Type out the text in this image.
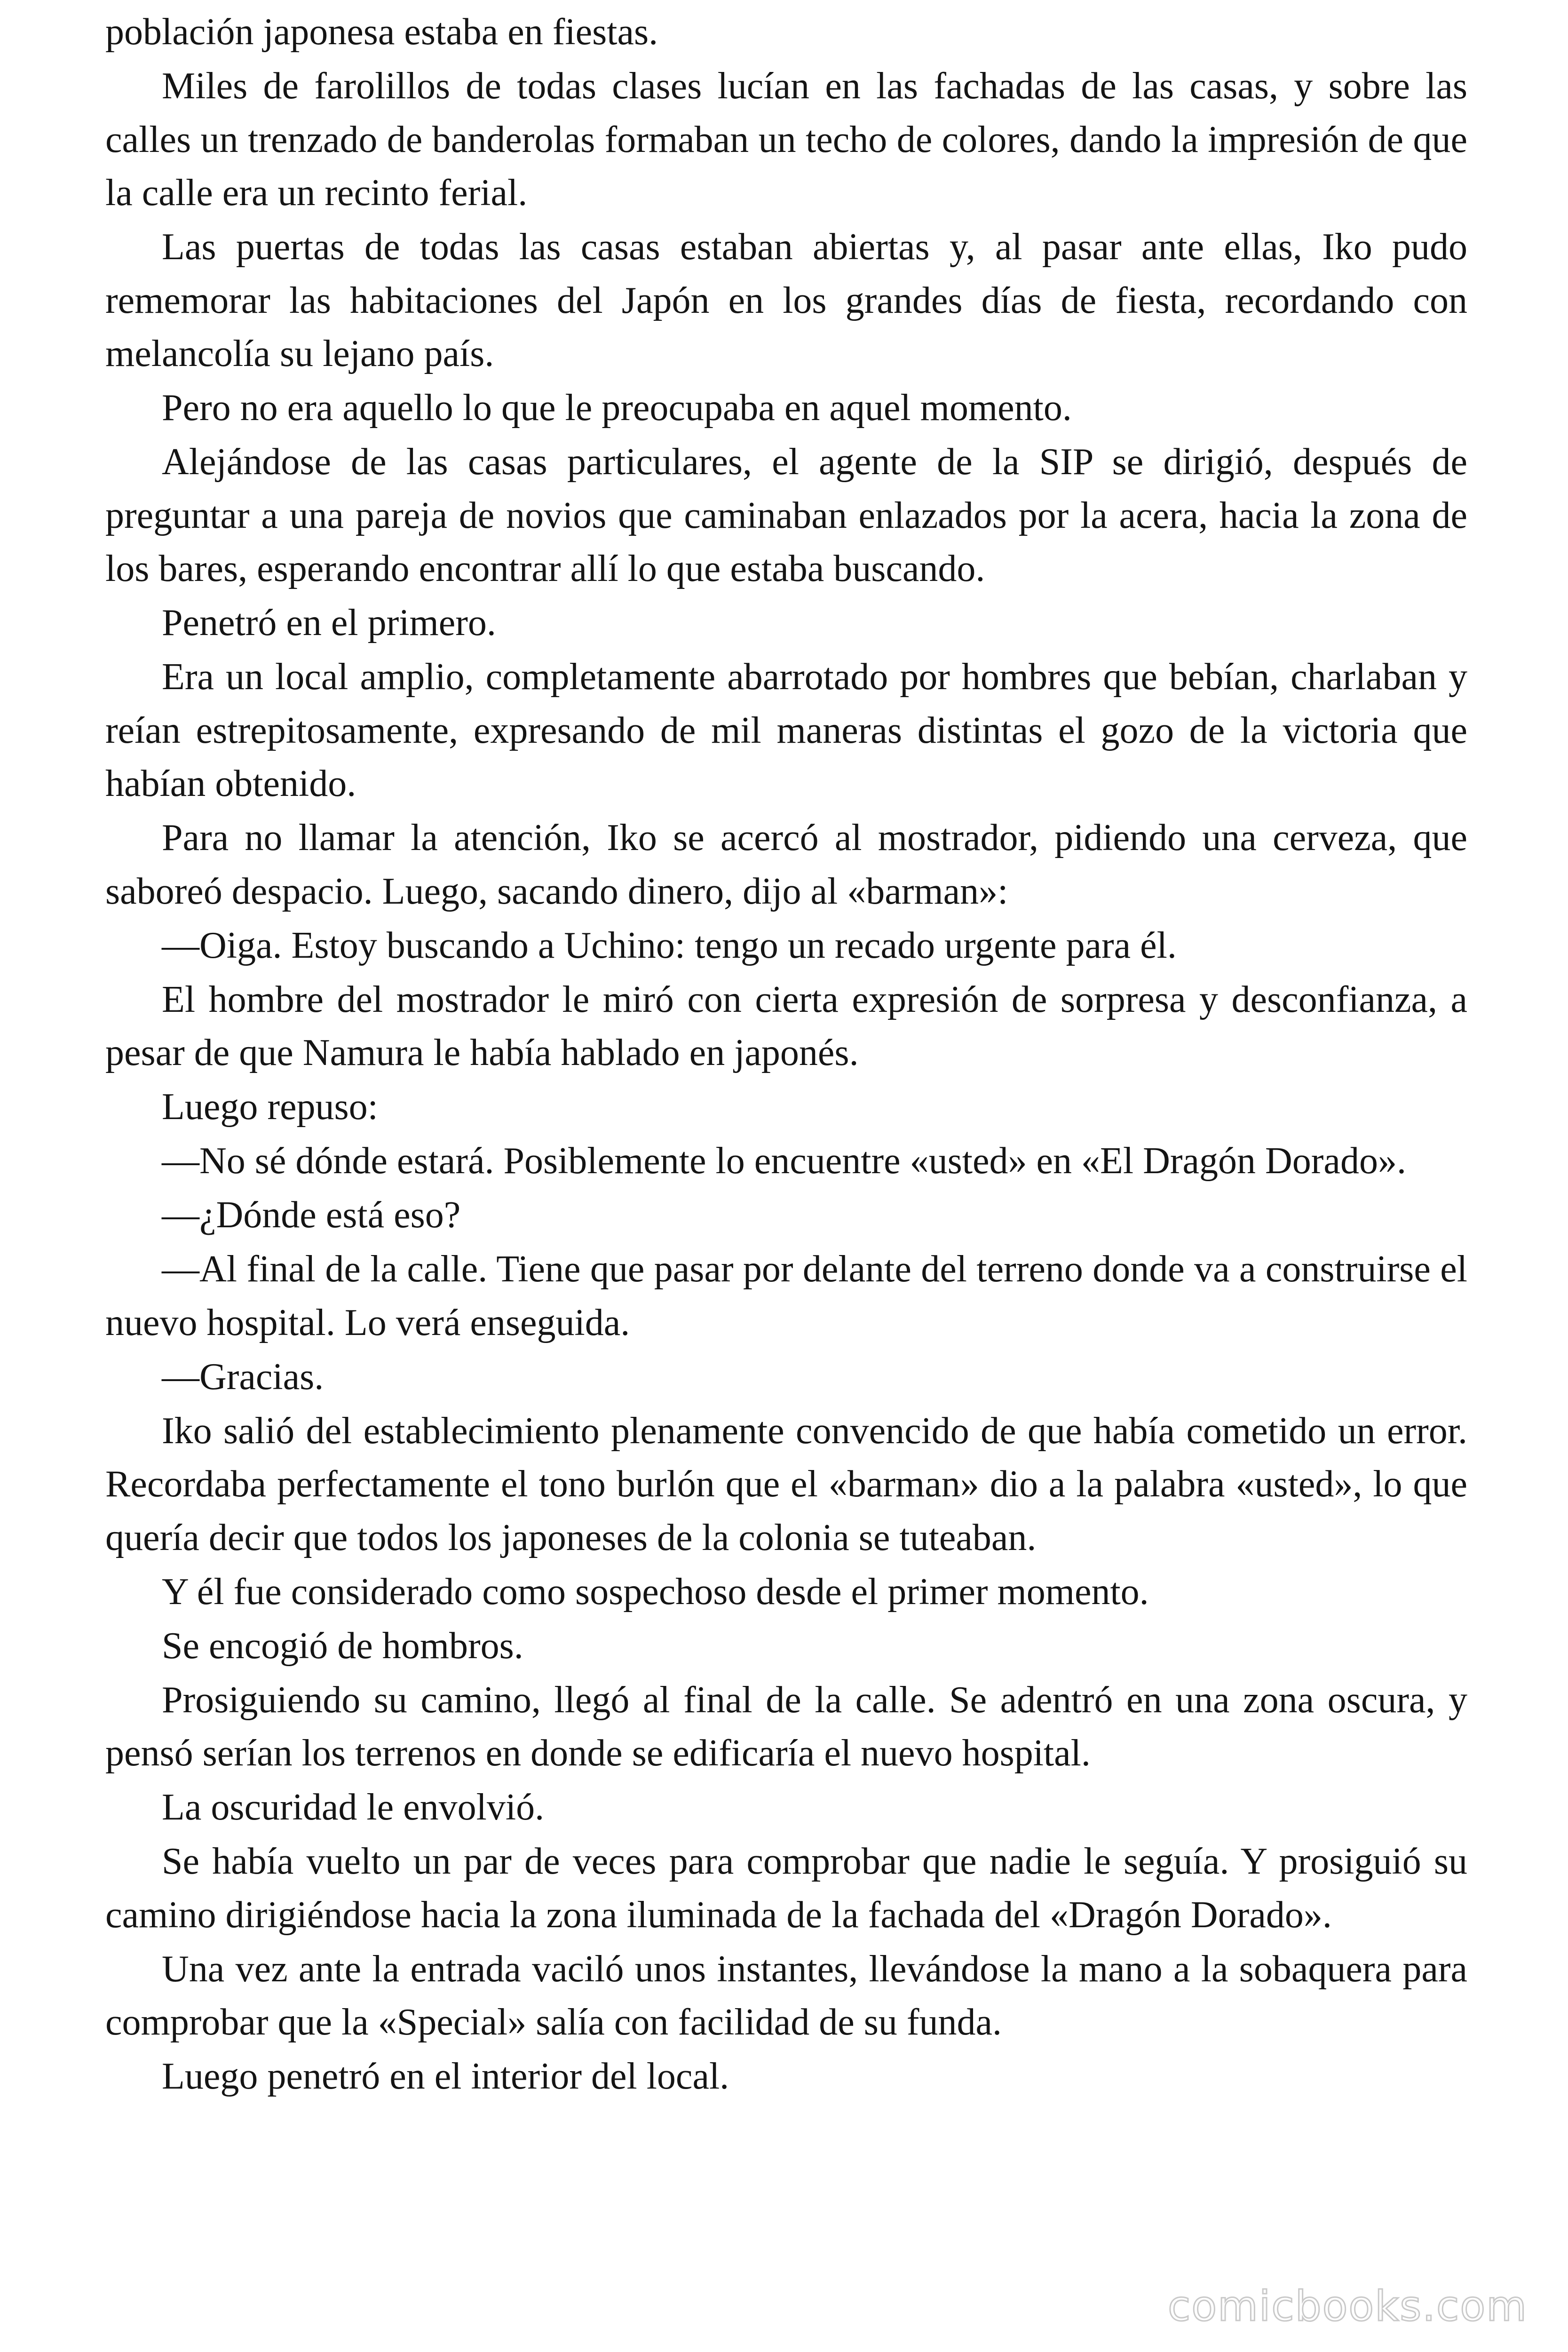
población japonesa estaba en fiestas.

Miles de farolillos de todas clases lucían en las fachadas de las casas, y sobre las calles un trenzado de banderolas formaban un techo de colores, dando la impresión de que la calle era un recinto ferial.

Las puertas de todas las casas estaban abiertas y, al pasar ante ellas, Iko pudo rememorar las habitaciones del Japón en los grandes días de fiesta, recordando con melancolía su lejano país.

Pero no era aquello lo que le preocupaba en aquel momento.

Alejándose de las casas particulares, el agente de la SIP se dirigió, después de preguntar a una pareja de novios que caminaban enlazados por la acera, hacia la zona de los bares, esperando encontrar allí lo que estaba buscando.

Penetró en el primero.

Era un local amplio, completamente abarrotado por hombres que bebían, charlaban y reían estrepitosamente, expresando de mil maneras distintas el gozo de la victoria que habían obtenido.

Para no llamar la atención, Iko se acercó al mostrador, pidiendo una cerveza, que saboreó despacio. Luego, sacando dinero, dijo al «barman»:

—Oiga. Estoy buscando a Uchino: tengo un recado urgente para él.

El hombre del mostrador le miró con cierta expresión de sorpresa y desconfianza, a pesar de que Namura le había hablado en japonés.

Luego repuso:

—No sé dónde estará. Posiblemente lo encuentre «usted» en «El Dragón Dorado».

—¿Dónde está eso?

—Al final de la calle. Tiene que pasar por delante del terreno donde va a construirse el nuevo hospital. Lo verá enseguida.

—Gracias.

Iko salió del establecimiento plenamente convencido de que había cometido un error. Recordaba perfectamente el tono burlón que el «barman» dio a la palabra «usted», lo que quería decir que todos los japoneses de la colonia se tuteaban.

Y él fue considerado como sospechoso desde el primer momento.

Se encogió de hombros.

Prosiguiendo su camino, llegó al final de la calle. Se adentró en una zona oscura, y pensó serían los terrenos en donde se edificaría el nuevo hospital.

La oscuridad le envolvió.

Se había vuelto un par de veces para comprobar que nadie le seguía. Y prosiguió su camino dirigiéndose hacia la zona iluminada de la fachada del «Dragón Dorado».

Una vez ante la entrada vaciló unos instantes, llevándose la mano a la sobaquera para comprobar que la «Special» salía con facilidad de su funda.

Luego penetró en el interior del local.

comicbooks.com
